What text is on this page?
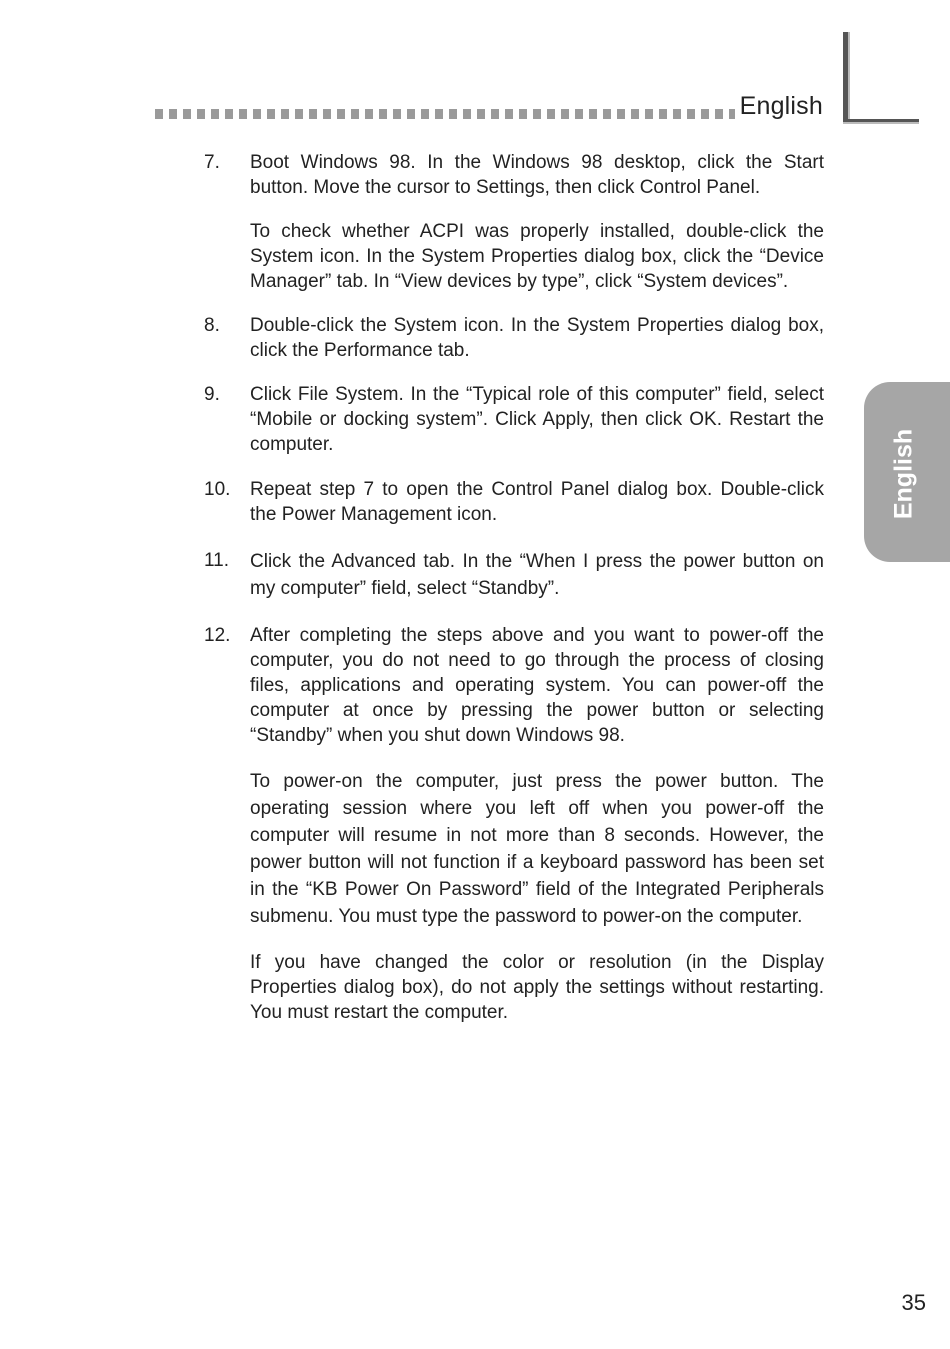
English
English
7. Boot Windows 98. In the Windows 98 desktop, click the Start button. Move the cursor to Settings, then click Control Panel.

To check whether ACPI was properly installed, double-click the System icon. In the System Properties dialog box, click the “Device Manager” tab. In “View devices by type”, click “System devices”.

8. Double-click the System icon. In the System Properties dialog box, click the Performance tab.

9. Click File System. In the “Typical role of this computer” field, select “Mobile or docking system”. Click Apply, then click OK. Restart the computer.

10. Repeat step 7 to open the Control Panel dialog box. Double-click the Power Management icon.

11. Click the Advanced tab. In the “When I press the power button on my computer” field, select “Standby”.

12. After completing the steps above and you want to power-off the computer, you do not need to go through the process of closing files, applications and operating system. You can power-off the computer at once by pressing the power button or selecting “Standby” when you shut down Windows 98.

To power-on the computer, just press the power button. The operating session where you left off when you power-off the computer will resume in not more than 8 seconds. However, the power button will not function if a keyboard password has been set in the “KB Power On Password” field of the Integrated Peripherals submenu. You must type the password to power-on the computer.

If you have changed the color or resolution (in the Display Properties dialog box), do not apply the settings without restarting. You must restart the computer.

35
